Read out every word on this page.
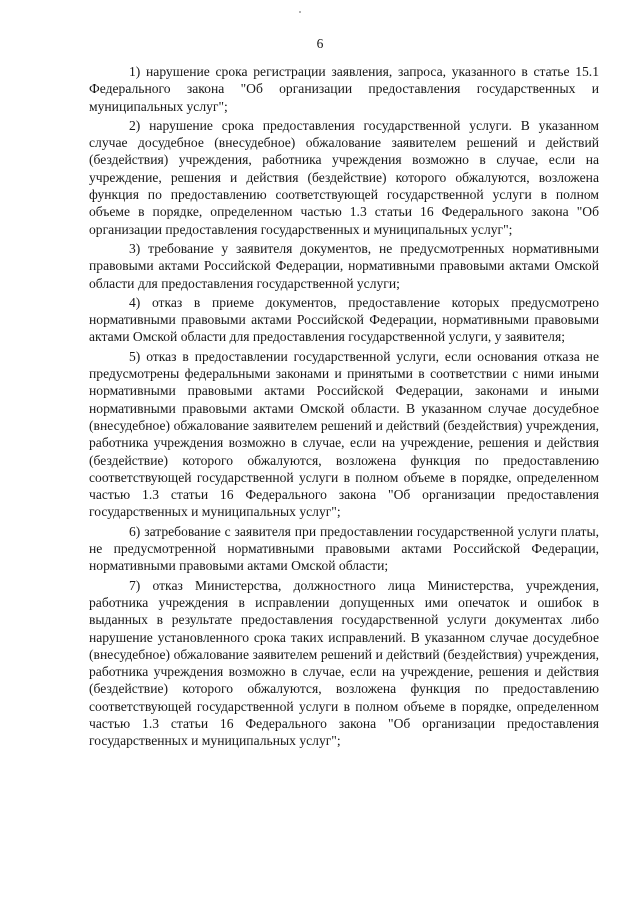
6

1) нарушение срока регистрации заявления, запроса, указанного в статье 15.1 Федерального закона "Об организации предоставления государственных и муниципальных услуг";

2) нарушение срока предоставления государственной услуги. В указанном случае досудебное (внесудебное) обжалование заявителем решений и действий (бездействия) учреждения, работника учреждения возможно в случае, если на учреждение, решения и действия (бездействие) которого обжалуются, возложена функция по предоставлению соответствующей государственной услуги в полном объеме в порядке, определенном частью 1.3 статьи 16 Федерального закона "Об организации предоставления государственных и муниципальных услуг";

3) требование у заявителя документов, не предусмотренных нормативными правовыми актами Российской Федерации, нормативными правовыми актами Омской области для предоставления государственной услуги;

4) отказ в приеме документов, предоставление которых предусмотрено нормативными правовыми актами Российской Федерации, нормативными правовыми актами Омской области для предоставления государственной услуги, у заявителя;

5) отказ в предоставлении государственной услуги, если основания отказа не предусмотрены федеральными законами и принятыми в соответствии с ними иными нормативными правовыми актами Российской Федерации, законами и иными нормативными правовыми актами Омской области. В указанном случае досудебное (внесудебное) обжалование заявителем решений и действий (бездействия) учреждения, работника учреждения возможно в случае, если на учреждение, решения и действия (бездействие) которого обжалуются, возложена функция по предоставлению соответствующей государственной услуги в полном объеме в порядке, определенном частью 1.3 статьи 16 Федерального закона "Об организации предоставления государственных и муниципальных услуг";

6) затребование с заявителя при предоставлении государственной услуги платы, не предусмотренной нормативными правовыми актами Российской Федерации, нормативными правовыми актами Омской области;

7) отказ Министерства, должностного лица Министерства, учреждения, работника учреждения в исправлении допущенных ими опечаток и ошибок в выданных в результате предоставления государственной услуги документах либо нарушение установленного срока таких исправлений. В указанном случае досудебное (внесудебное) обжалование заявителем решений и действий (бездействия) учреждения, работника учреждения возможно в случае, если на учреждение, решения и действия (бездействие) которого обжалуются, возложена функция по предоставлению соответствующей государственной услуги в полном объеме в порядке, определенном частью 1.3 статьи 16 Федерального закона "Об организации предоставления государственных и муниципальных услуг";
